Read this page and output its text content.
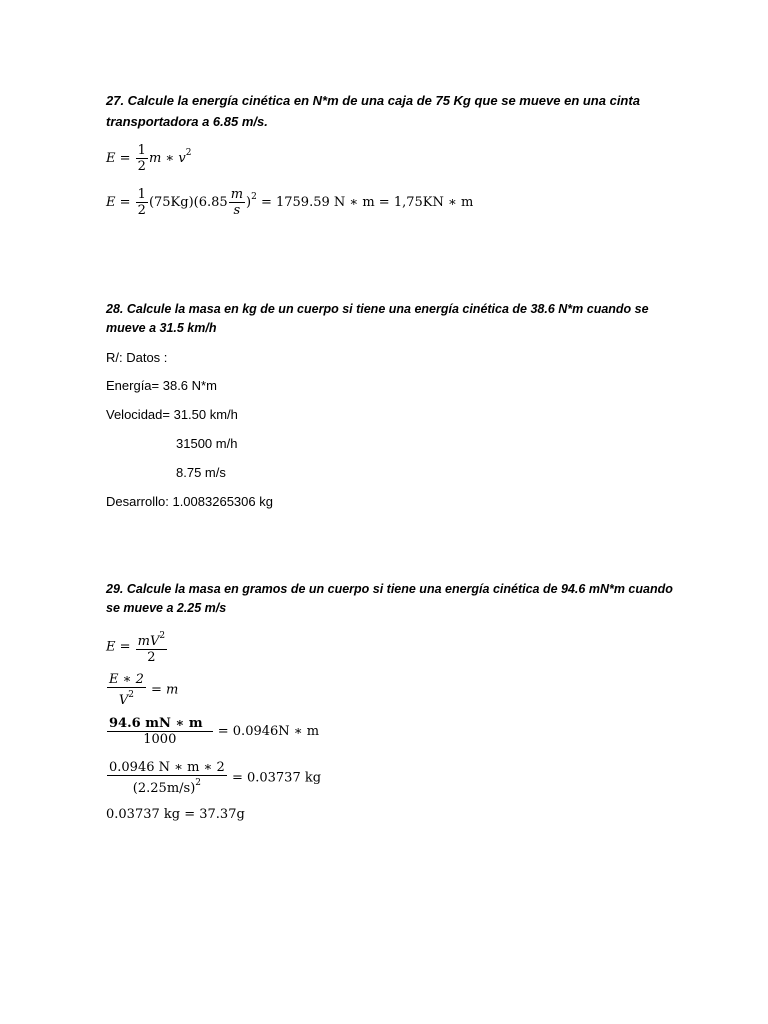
27. Calcule la energía cinética en N*m de una caja de 75 Kg que se mueve en una cinta
transportadora a 6.85 m/s.
$E = \frac{1}{2}$ m ∗ $v^2$
$E = \frac{1}{2} (75Kg)(6.85 \frac{m}{s} )^2 = 1759.59$ N ∗ m = 1,75KN ∗ m
28. Calcule la masa en kg de un cuerpo si tiene una energía cinética de 38.6 N*m cuando se
mueve a 31.5 km/h
R/: Datos :
Energía= 38.6 N*m
Velocidad= 31.50 km/h
31500 m/h
8.75 m/s
Desarrollo: 1.0083265306 kg
29. Calcule la masa en gramos de un cuerpo si tiene una energía cinética de 94.6 mN*m cuando
se mueve a 2.25 m/s
$E = \frac{mV^2}{2}$
$\frac{E ∗ 2}{V^2} = m$
$\frac{94.6 mN ∗ m}{1000} = 0.0946N$ ∗ m
$\frac{0.0946 N ∗ m ∗ 2}{(2.25m/s)^2} = 0.03737$ kg
0.03737 kg = 37.37g
